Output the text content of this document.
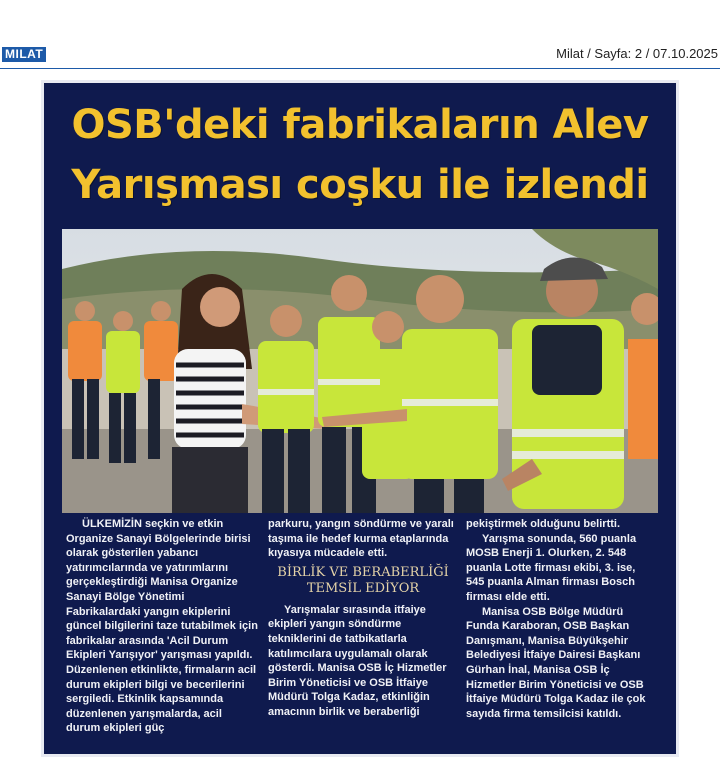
MILAT	Milat / Sayfa: 2 / 07.10.2025
OSB'deki fabrikaların Alev
Yarışması coşku ile izlendi

ÜLKEMİZİN seçkin ve etkin Organize Sanayi Bölgelerinde birisi olarak gösterilen yabancı yatırımcılarında ve yatırımlarını gerçekleştirdiği Manisa Organize Sanayi Bölge Yönetimi Fabrikalardaki yangın ekiplerini güncel bilgilerini taze tutabilmek için fabrikalar arasında 'Acil Durum Ekipleri Yarışıyor' yarışması yapıldı. Düzenlenen etkinlikte, firmaların acil durum ekipleri bilgi ve becerilerini sergiledi. Etkinlik kapsamında düzenlenen yarışmalarda, acil durum ekipleri güç

parkuru, yangın söndürme ve yaralı taşıma ile hedef kurma etaplarında kıyasıya mücadele etti.

BİRLİK VE BERABERLİĞİ
TEMSİL EDİYOR

Yarışmalar sırasında itfaiye ekipleri yangın söndürme tekniklerini de tatbikatlarla katılımcılara uygulamalı olarak gösterdi. Manisa OSB İç Hizmetler Birim Yöneticisi ve OSB İtfaiye Müdürü Tolga Kadaz, etkinliğin amacının birlik ve beraberliği

pekiştirmek olduğunu belirtti.

Yarışma sonunda, 560 puanla MOSB Enerji 1. Olurken, 2. 548 puanla Lotte firması ekibi, 3. ise, 545 puanla Alman firması Bosch firması elde etti.

Manisa OSB Bölge Müdürü Funda Karaboran, OSB Başkan Danışmanı, Manisa Büyükşehir Belediyesi İtfaiye Dairesi Başkanı Gürhan İnal, Manisa OSB İç Hizmetler Birim Yöneticisi ve OSB İtfaiye Müdürü Tolga Kadaz ile çok sayıda firma temsilcisi katıldı.
